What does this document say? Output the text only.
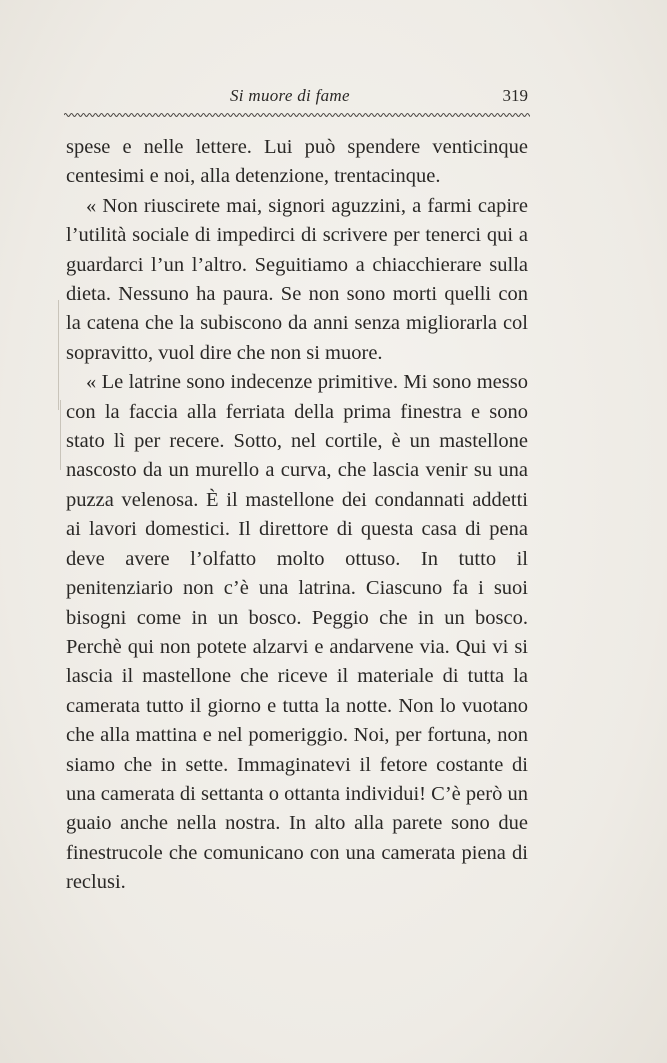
Si muore di fame	319

spese e nelle lettere. Lui può spendere venticinque centesimi e noi, alla detenzione, trentacinque.

« Non riuscirete mai, signori aguzzini, a farmi capire l’utilità sociale di impedirci di scrivere per tenerci qui a guardarci l’un l’altro. Seguitiamo a chiacchierare sulla dieta. Nessuno ha paura. Se non sono morti quelli con la catena che la subiscono da anni senza migliorarla col sopravitto, vuol dire che non si muore.

« Le latrine sono indecenze primitive. Mi sono messo con la faccia alla ferriata della prima finestra e sono stato lì per recere. Sotto, nel cortile, è un mastellone nascosto da un murello a curva, che lascia venir su una puzza velenosa. È il mastellone dei condannati addetti ai lavori domestici. Il direttore di questa casa di pena deve avere l’olfatto molto ottuso. In tutto il penitenziario non c’è una latrina. Ciascuno fa i suoi bisogni come in un bosco. Peggio che in un bosco. Perchè qui non potete alzarvi e andarvene via. Qui vi si lascia il mastellone che riceve il materiale di tutta la camerata tutto il giorno e tutta la notte. Non lo vuotano che alla mattina e nel pomeriggio. Noi, per fortuna, non siamo che in sette. Immaginatevi il fetore costante di una camerata di settanta o ottanta individui! C’è però un guaio anche nella nostra. In alto alla parete sono due finestrucole che comunicano con una camerata piena di reclusi.
